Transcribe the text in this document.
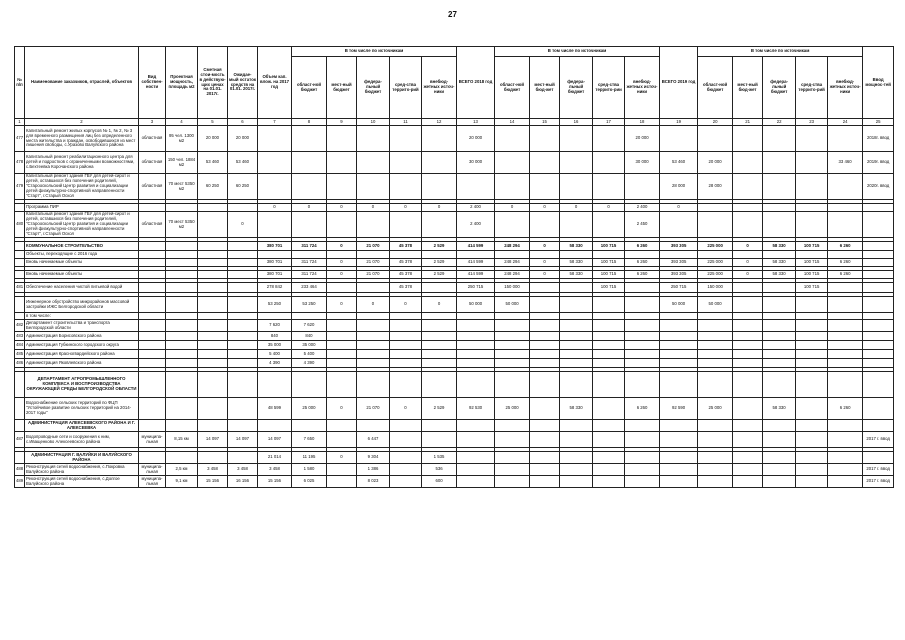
27
№ п/п	Наименование заказчиков, отраслей, объектов	Вид собствен-ности	Проектная мощность, площадь м2	Сметная стои-мость в действую-щих ценах на 01.01. 2017г.	Ожидае-мый остаток средств на 01.01. 2017г.	Объем кап. влож. на 2017 год	В том числе по источникам					ВСЕГО 2018 год	В том числе по источникам					ВСЕГО 2019 год	В том числе по источникам					Ввод мощнос-тей
							област-ной бюджет	мест-ный бюджет	федера-льный бюджет	сред-ства террито-рий	внебюд-жетных источ-ники		област-ной бюджет	мест-ный бюд-жет	федера-льный бюджет	сред-ства террито-рии	внебюд-жетных источ-ники		област-ной бюджет	мест-ный бюд-жет	федера-льный бюджет	сред-ства террито-рий	внебюд-жетных источ-ники	
1	2	3	4	5	6	7	8	9	10	11	12	13	14	15	16	17	18	19	20	21	22	23	24	25
477	Капитальный ремонт жилых корпусов № 1, № 2, № 3 для временного размещения лиц без определенного места жительства и граждан, освободившихся из мест лишения свободы, с.Уразово Валуйского района	областная	95 чел. 1300 м2	20 000	20 000							20 000					20 000							2018г. ввод
478	Капитальный ремонт реабилитационного центра для детей и подростков с ограниченными возможностями, с.Бехтеевка Корочанского района	областная	150 чел. 1884 м2	53 460	53 460							30 000					30 000	53 460	20 000				33 460	2019г. ввод
479	Капитальный ремонт здания ГБУ для детей-сирот и детей, оставшихся без попечения родителей, "Старооскольский Центр развития и социализации детей физкультурно-спортивной направленности "Старт", г.Старый Оскол	областная	70 мест 5350 м2	60 250	60 250													28 000	28 000					2020г. ввод

	Программа ПИР					0	0	0	0	0	0	2 400	0	0	0	0	2 400	0						
480	Капитальный ремонт здания ГБУ для детей-сирот и детей, оставшихся без попечения родителей, "Старооскольский Центр развития и социализации детей физкультурно-спортивной направленности "Старт", г.Старый Оскол	областная	70 мест 5350 м2		0							2 400					2 450							

	КОММУНАЛЬНОЕ СТРОИТЕЛЬСТВО					380 701	311 724	0	21 070	45 378	2 529	414 599	248 294	0	58 330	100 715	6 260	393 305	225 000	0	58 330	100 715	6 260	
	Объекты, переходящие с 2016 года																							
	Вновь начинаемые объекты					380 701	311 724	0	21 070	45 378	2 529	414 599	248 294	0	58 330	100 715	6 260	393 305	225 000	0	58 330	100 715	6 260	

	Вновь начинаемые объекты					380 701	311 724	0	21 070	45 378	2 529	414 599	248 294	0	58 330	100 715	6 260	393 305	225 000	0	58 330	100 715	6 260	

481	Обеспечение населения чистой питьевой водой					278 842	233 464			45 378		250 715	150 000			100 715		250 715	150 000			100 715		

	Инженерное обустройство микрорайонов массовой застройки ИЖС Белгородской области					53 250	53 250	0	0	0	0	50 000	50 000					50 000	50 000					
	в том числе:																							
482	Департамент строительства и транспорта Белгородской области					7 620	7 620																	
483	Администрация Борисовского района					840	840																	
484	Администрация Губкинского городского округа					35 000	35 000																	
485	Администрация Красногвардейского района					5 400	5 400																	
486	Администрация Яковлевского района					4 390	4 390																	

	ДЕПАРТАМЕНТ АГРОПРОМЫШЛЕННОГО КОМПЛЕКСА И ВОСПРОИЗВОДСТВА ОКРУЖАЮЩЕЙ СРЕДЫ БЕЛГОРОДСКОЙ ОБЛАСТИ																							
	Водоснабжение сельских территорий по ФЦП "Устойчивое развитие сельских территорий на 2014-2017 годы"					48 599	25 000	0	21 070	0	2 529	92 530	25 000		58 330		6 260	92 590	25 000		58 330		6 260	
	АДМИНИСТРАЦИЯ АЛЕКСЕЕВСКОГО РАЙОНА И Г. АЛЕКСЕЕВКА																							
487	Водопроводные сети и сооружения к ним, с.Иващенково Алексеевского района	муниципа-льная	8,15 км	14 097	14 097	14 097	7 650		6 447															2017 г. ввод

	АДМИНИСТРАЦИЯ Г. ВАЛУЙКИ И ВАЛУЙСКОГО РАЙОНА					21 014	11 195	0	9 304		1 535													
488	Реконструкция сетей водоснабжения, с.Покровка Валуйского района	муниципа-льная	2,5 км	3 458	3 458	3 458	1 580		1 386		536													2017 г. ввод
489	Реконструкция сетей водоснабжения, с.Долгое Валуйского района	муниципа-льная	9,1 км	15 156	16 156	15 156	6 025		8 023		600													2017 г. ввод
